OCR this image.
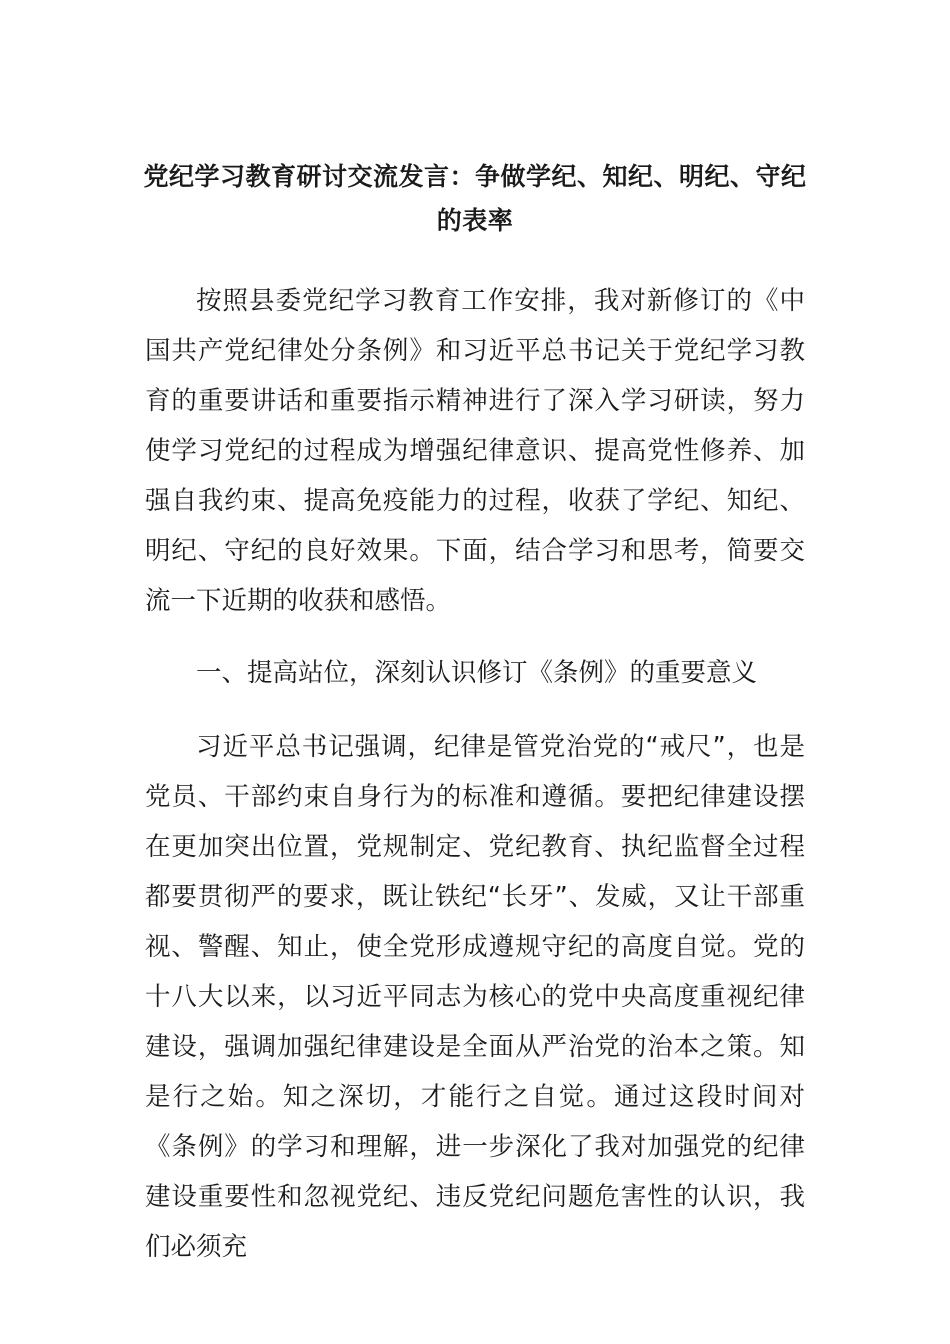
党纪学习教育研讨交流发言：争做学纪、知纪、明纪、守纪的表率

按照县委党纪学习教育工作安排，我对新修订的《中国共产党纪律处分条例》和习近平总书记关于党纪学习教育的重要讲话和重要指示精神进行了深入学习研读，努力使学习党纪的过程成为增强纪律意识、提高党性修养、加强自我约束、提高免疫能力的过程，收获了学纪、知纪、明纪、守纪的良好效果。下面，结合学习和思考，简要交流一下近期的收获和感悟。

一、提高站位，深刻认识修订《条例》的重要意义

习近平总书记强调，纪律是管党治党的“戒尺”，也是党员、干部约束自身行为的标准和遵循。要把纪律建设摆在更加突出位置，党规制定、党纪教育、执纪监督全过程都要贯彻严的要求，既让铁纪“长牙”、发威，又让干部重视、警醒、知止，使全党形成遵规守纪的高度自觉。党的十八大以来，以习近平同志为核心的党中央高度重视纪律建设，强调加强纪律建设是全面从严治党的治本之策。知是行之始。知之深切，才能行之自觉。通过这段时间对《条例》的学习和理解，进一步深化了我对加强党的纪律建设重要性和忽视党纪、违反党纪问题危害性的认识，我们必须充
